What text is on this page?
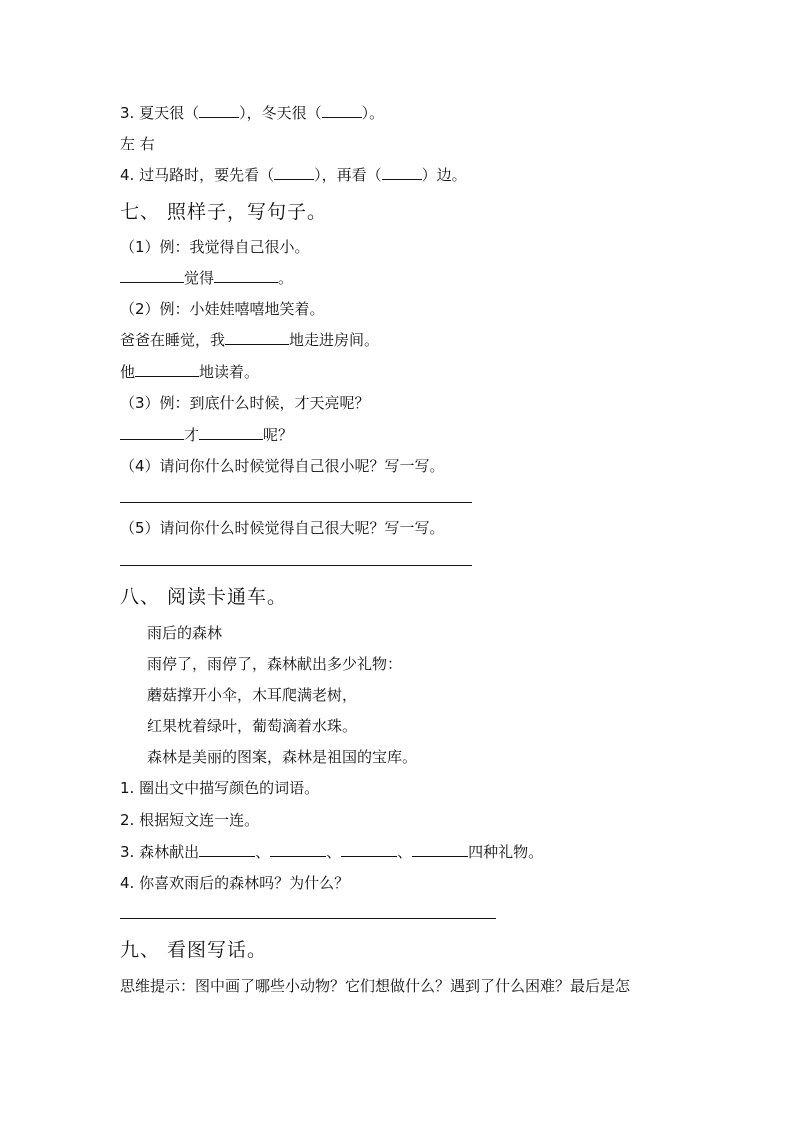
3. 夏天很（	），冬天很（	）。
左 右
4. 过马路时，要先看（	），再看（	）边。
七、 照样子，写句子。
（1）例：我觉得自己很小。
觉得	。
（2）例：小娃娃嘻嘻地笑着。
爸爸在睡觉，我	地走进房间。
他	地读着。
（3）例：到底什么时候，才天亮呢？
才	呢？
（4）请问你什么时候觉得自己很小呢？写一写。
（5）请问你什么时候觉得自己很大呢？写一写。
八、 阅读卡通车。
雨后的森林
雨停了，雨停了，森林献出多少礼物：
蘑菇撑开小伞，木耳爬满老树，
红果枕着绿叶，葡萄滴着水珠。
森林是美丽的图案，森林是祖国的宝库。
1. 圈出文中描写颜色的词语。
2. 根据短文连一连。
3. 森林献出	、	、	、	四种礼物。
4. 你喜欢雨后的森林吗？为什么？
九、 看图写话。
思维提示：图中画了哪些小动物？它们想做什么？遇到了什么困难？最后是怎
